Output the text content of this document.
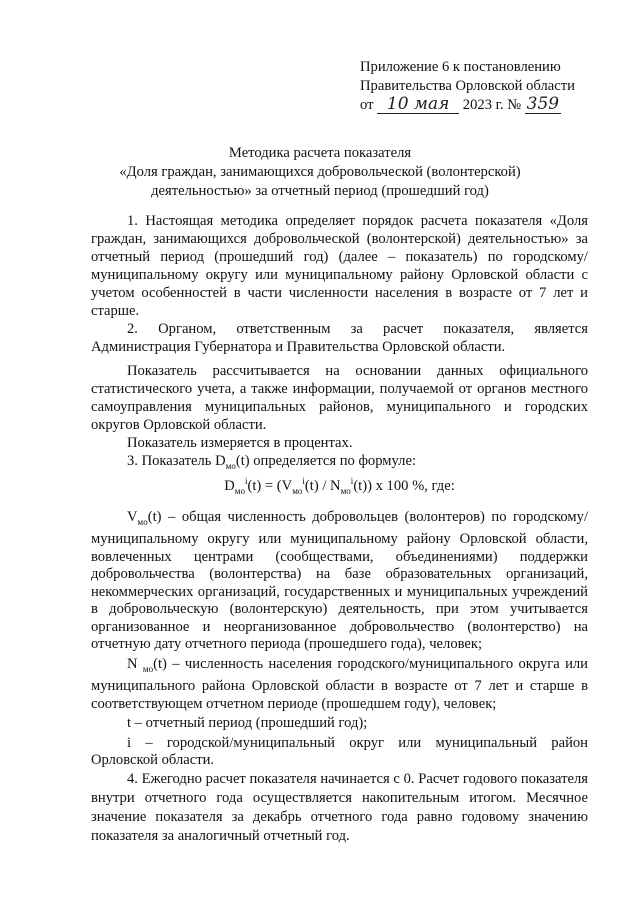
Приложение 6 к постановлению
Правительства Орловской области
от 10 мая 2023 г. № 359
Методика расчета показателя
«Доля граждан, занимающихся добровольческой (волонтерской)
деятельностью» за отчетный период (прошедший год)

1. Настоящая методика определяет порядок расчета показателя «Доля граждан, занимающихся добровольческой (волонтерской) деятельностью» за отчетный период (прошедший год) (далее – показатель) по городскому/муниципальному округу или муниципальному району Орловской области с учетом особенностей в части численности населения в возрасте от 7 лет и старше.

2. Органом, ответственным за расчет показателя, является Администрация Губернатора и Правительства Орловской области.

Показатель рассчитывается на основании данных официального статистического учета, а также информации, получаемой от органов местного самоуправления муниципальных районов, муниципального и городских округов Орловской области.

Показатель измеряется в процентах.

3. Показатель $D_{мо}(t)$ определяется по формуле:

$D_{мо}^i(t) = (V_{мо}^i(t) / N_{мо}^i(t))$ x 100 %, где:

$V_{мо}(t)$ – общая численность добровольцев (волонтеров) по городскому/муниципальному округу или муниципальному району Орловской области, вовлеченных центрами (сообществами, объединениями) поддержки добровольчества (волонтерства) на базе образовательных организаций, некоммерческих организаций, государственных и муниципальных учреждений в добровольческую (волонтерскую) деятельность, при этом учитывается организованное и неорганизованное добровольчество (волонтерство) на отчетную дату отчетного периода (прошедшего года), человек;

N $_{мо}$(t) – численность населения городского/муниципального округа или муниципального района Орловской области в возрасте от 7 лет и старше в соответствующем отчетном периоде (прошедшем году), человек;

t – отчетный период (прошедший год);

i – городской/муниципальный округ или муниципальный район Орловской области.

4. Ежегодно расчет показателя начинается с 0. Расчет годового показателя внутри отчетного года осуществляется накопительным итогом. Месячное значение показателя за декабрь отчетного года равно годовому значению показателя за аналогичный отчетный год.
